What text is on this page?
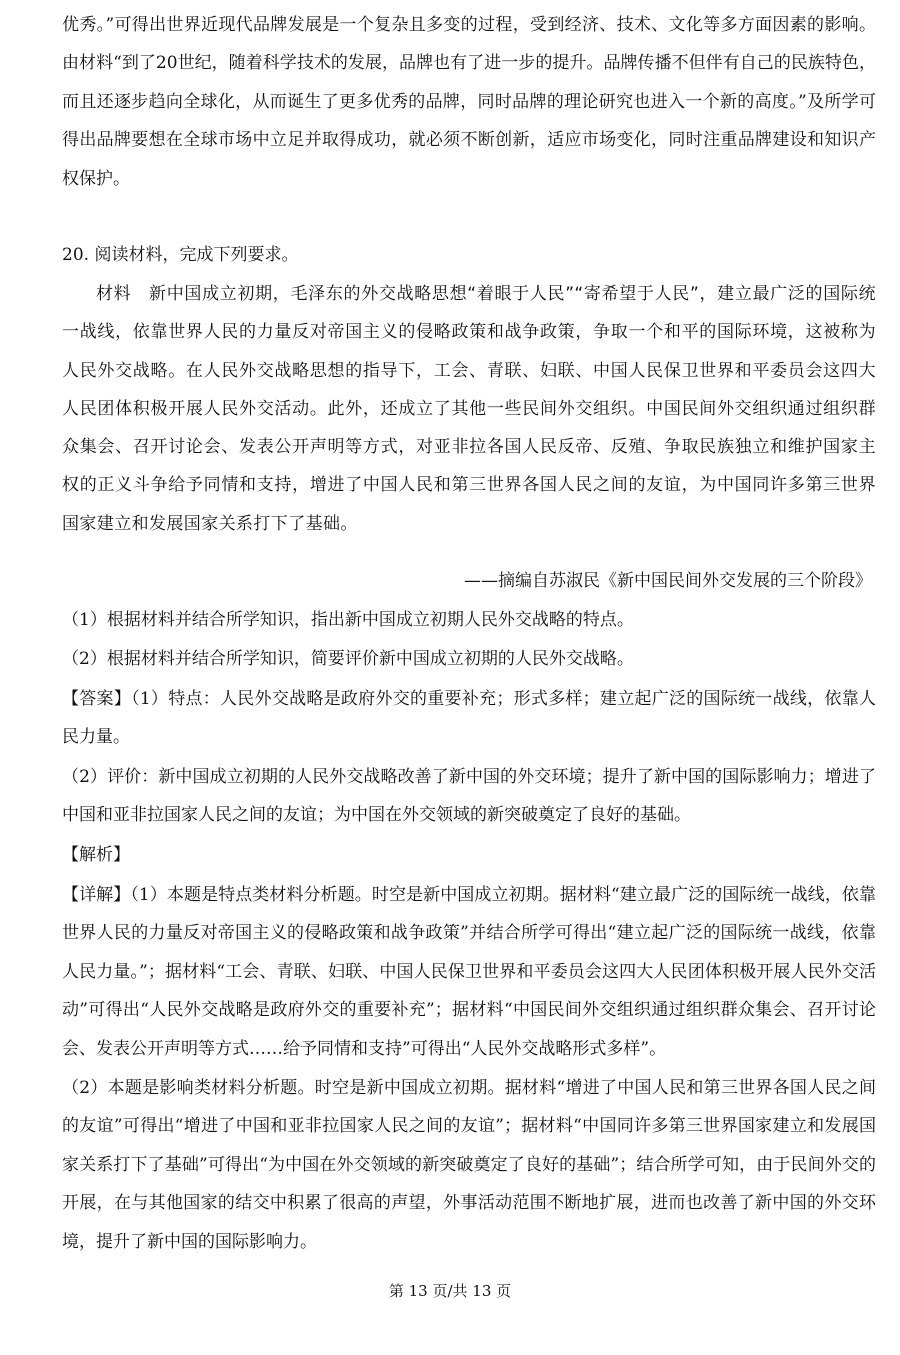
优秀。”可得出世界近现代品牌发展是一个复杂且多变的过程，受到经济、技术、文化等多方面因素的影响。由材料“到了20世纪，随着科学技术的发展，品牌也有了进一步的提升。品牌传播不但伴有自己的民族特色，而且还逐步趋向全球化，从而诞生了更多优秀的品牌，同时品牌的理论研究也进入一个新的高度。”及所学可得出品牌要想在全球市场中立足并取得成功，就必须不断创新，适应市场变化，同时注重品牌建设和知识产权保护。

20. 阅读材料，完成下列要求。

材料　新中国成立初期，毛泽东的外交战略思想“着眼于人民”“寄希望于人民”，建立最广泛的国际统一战线，依靠世界人民的力量反对帝国主义的侵略政策和战争政策，争取一个和平的国际环境，这被称为人民外交战略。在人民外交战略思想的指导下，工会、青联、妇联、中国人民保卫世界和平委员会这四大人民团体积极开展人民外交活动。此外，还成立了其他一些民间外交组织。中国民间外交组织通过组织群众集会、召开讨论会、发表公开声明等方式，对亚非拉各国人民反帝、反殖、争取民族独立和维护国家主权的正义斗争给予同情和支持，增进了中国人民和第三世界各国人民之间的友谊，为中国同许多第三世界国家建立和发展国家关系打下了基础。

——摘编自苏淑民《新中国民间外交发展的三个阶段》

（1）根据材料并结合所学知识，指出新中国成立初期人民外交战略的特点。

（2）根据材料并结合所学知识，简要评价新中国成立初期的人民外交战略。

【答案】（1）特点：人民外交战略是政府外交的重要补充；形式多样；建立起广泛的国际统一战线，依靠人民力量。

（2）评价：新中国成立初期的人民外交战略改善了新中国的外交环境；提升了新中国的国际影响力；增进了中国和亚非拉国家人民之间的友谊；为中国在外交领域的新突破奠定了良好的基础。

【解析】

【详解】（1）本题是特点类材料分析题。时空是新中国成立初期。据材料“建立最广泛的国际统一战线，依靠世界人民的力量反对帝国主义的侵略政策和战争政策”并结合所学可得出“建立起广泛的国际统一战线，依靠人民力量。”；据材料“工会、青联、妇联、中国人民保卫世界和平委员会这四大人民团体积极开展人民外交活动”可得出“人民外交战略是政府外交的重要补充”；据材料“中国民间外交组织通过组织群众集会、召开讨论会、发表公开声明等方式……给予同情和支持”可得出“人民外交战略形式多样”。

（2）本题是影响类材料分析题。时空是新中国成立初期。据材料“增进了中国人民和第三世界各国人民之间的友谊”可得出“增进了中国和亚非拉国家人民之间的友谊”；据材料“中国同许多第三世界国家建立和发展国家关系打下了基础”可得出“为中国在外交领域的新突破奠定了良好的基础”；结合所学可知，由于民间外交的开展，在与其他国家的结交中积累了很高的声望，外事活动范围不断地扩展，进而也改善了新中国的外交环境，提升了新中国的国际影响力。

第 13 页/共 13 页
